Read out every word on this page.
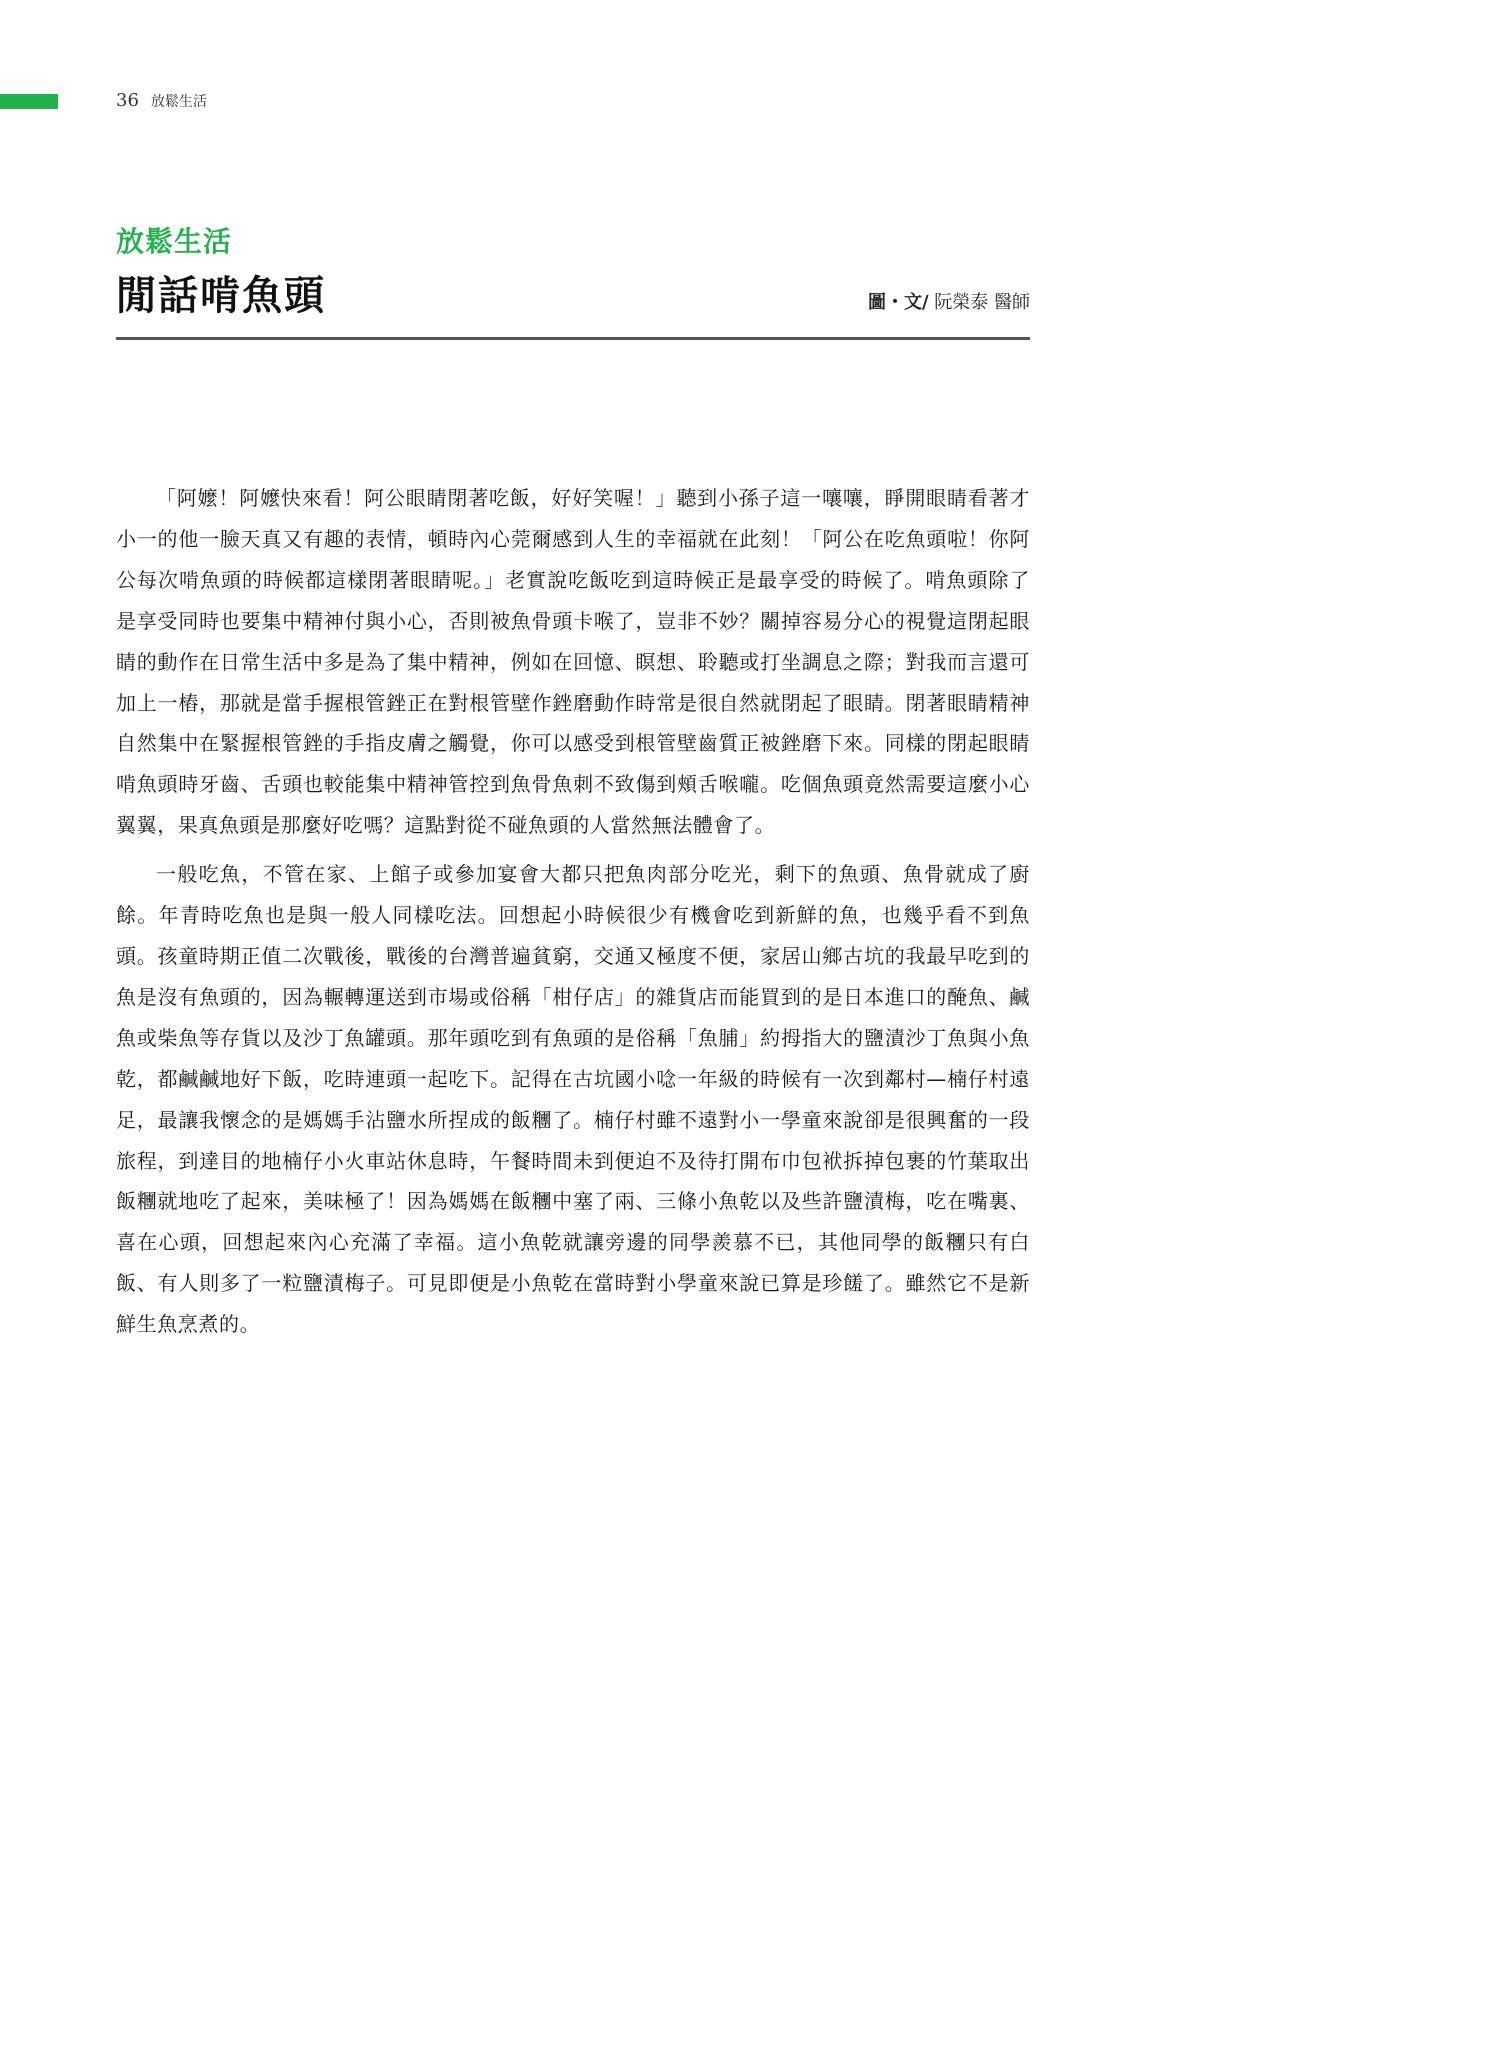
36 放鬆生活
放鬆生活
閒話啃魚頭	圖・文/ 阮榮泰 醫師

「阿嬤！阿嬤快來看！阿公眼睛閉著吃飯，好好笑喔！」聽到小孫子這一嚷嚷，睜開眼睛看著才小一的他一臉天真又有趣的表情，頓時內心莞爾感到人生的幸福就在此刻！「阿公在吃魚頭啦！你阿公每次啃魚頭的時候都這樣閉著眼睛呢。」老實說吃飯吃到這時候正是最享受的時候了。啃魚頭除了是享受同時也要集中精神付與小心，否則被魚骨頭卡喉了，豈非不妙？關掉容易分心的視覺這閉起眼睛的動作在日常生活中多是為了集中精神，例如在回憶、瞑想、聆聽或打坐調息之際；對我而言還可加上一樁，那就是當手握根管銼正在對根管壁作銼磨動作時常是很自然就閉起了眼睛。閉著眼睛精神自然集中在緊握根管銼的手指皮膚之觸覺，你可以感受到根管壁齒質正被銼磨下來。同樣的閉起眼睛啃魚頭時牙齒、舌頭也較能集中精神管控到魚骨魚刺不致傷到頰舌喉嚨。吃個魚頭竟然需要這麼小心翼翼，果真魚頭是那麼好吃嗎？這點對從不碰魚頭的人當然無法體會了。

一般吃魚，不管在家、上館子或參加宴會大都只把魚肉部分吃光，剩下的魚頭、魚骨就成了廚餘。年青時吃魚也是與一般人同樣吃法。回想起小時候很少有機會吃到新鮮的魚，也幾乎看不到魚頭。孩童時期正值二次戰後，戰後的台灣普遍貧窮，交通又極度不便，家居山鄉古坑的我最早吃到的魚是沒有魚頭的，因為輾轉運送到市場或俗稱「柑仔店」的雜貨店而能買到的是日本進口的醃魚、鹹魚或柴魚等存貨以及沙丁魚罐頭。那年頭吃到有魚頭的是俗稱「魚脯」約拇指大的鹽漬沙丁魚與小魚乾，都鹹鹹地好下飯，吃時連頭一起吃下。記得在古坑國小唸一年級的時候有一次到鄰村—楠仔村遠足，最讓我懷念的是媽媽手沾鹽水所捏成的飯糰了。楠仔村雖不遠對小一學童來說卻是很興奮的一段旅程，到達目的地楠仔小火車站休息時，午餐時間未到便迫不及待打開布巾包袱拆掉包裹的竹葉取出飯糰就地吃了起來，美味極了！因為媽媽在飯糰中塞了兩、三條小魚乾以及些許鹽漬梅，吃在嘴裏、喜在心頭，回想起來內心充滿了幸福。這小魚乾就讓旁邊的同學羨慕不已，其他同學的飯糰只有白飯、有人則多了一粒鹽漬梅子。可見即便是小魚乾在當時對小學童來說已算是珍饈了。雖然它不是新鮮生魚烹煮的。
